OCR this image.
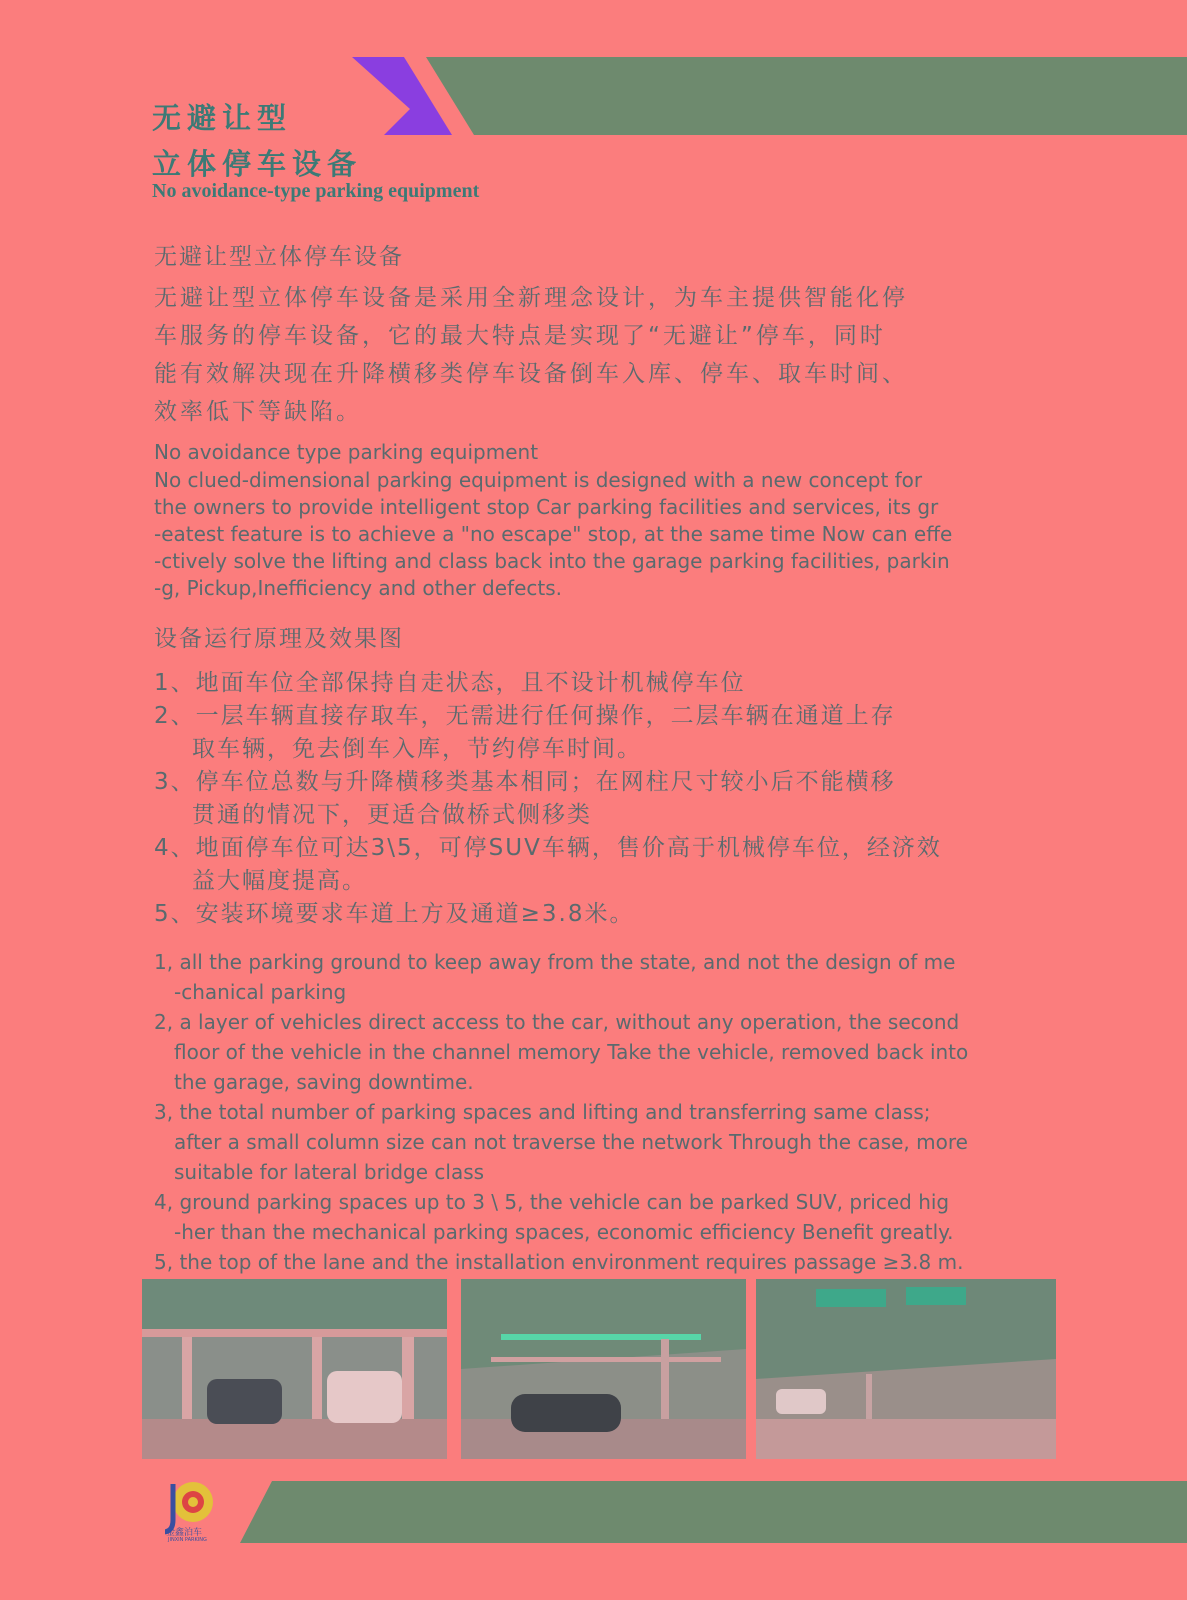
无避让型
立体停车设备
No avoidance-type parking equipment
无避让型立体停车设备

无避让型立体停车设备是采用全新理念设计，为车主提供智能化停

车服务的停车设备，它的最大特点是实现了“无避让”停车，同时

能有效解决现在升降横移类停车设备倒车入库、停车、取车时间、

效率低下等缺陷。

No avoidance type parking equipment

No clued-dimensional parking equipment is designed with a new concept for

the owners to provide intelligent stop Car parking facilities and services, its gr

-eatest feature is to achieve a "no escape" stop, at the same time Now can effe

-ctively solve the lifting and class back into the garage parking facilities, parkin

-g, Pickup,Inefficiency and other defects.

设备运行原理及效果图
1、地面车位全部保持自走状态，且不设计机械停车位
2、一层车辆直接存取车，无需进行任何操作，二层车辆在通道上存
取车辆，免去倒车入库，节约停车时间。
3、停车位总数与升降横移类基本相同；在网柱尺寸较小后不能横移
贯通的情况下，更适合做桥式侧移类
4、地面停车位可达3\5，可停SUV车辆，售价高于机械停车位，经济效
益大幅度提高。
5、安装环境要求车道上方及通道≥3.8米。
1, all the parking ground to keep away from the state, and not the design of me
-chanical parking
2, a layer of vehicles direct access to the car, without any operation, the second
floor of the vehicle in the channel memory Take the vehicle, removed back into
the garage, saving downtime.
3, the total number of parking spaces and lifting and transferring same class;
after a small column size can not traverse the network Through the case, more
suitable for lateral bridge class
4, ground parking spaces up to 3 \ 5, the vehicle can be parked SUV, priced hig
-her than the mechanical parking spaces, economic efficiency Benefit greatly.
5, the top of the lane and the installation environment requires passage ≥3.8 m.
金鑫泊车
JINXIN PARKING
